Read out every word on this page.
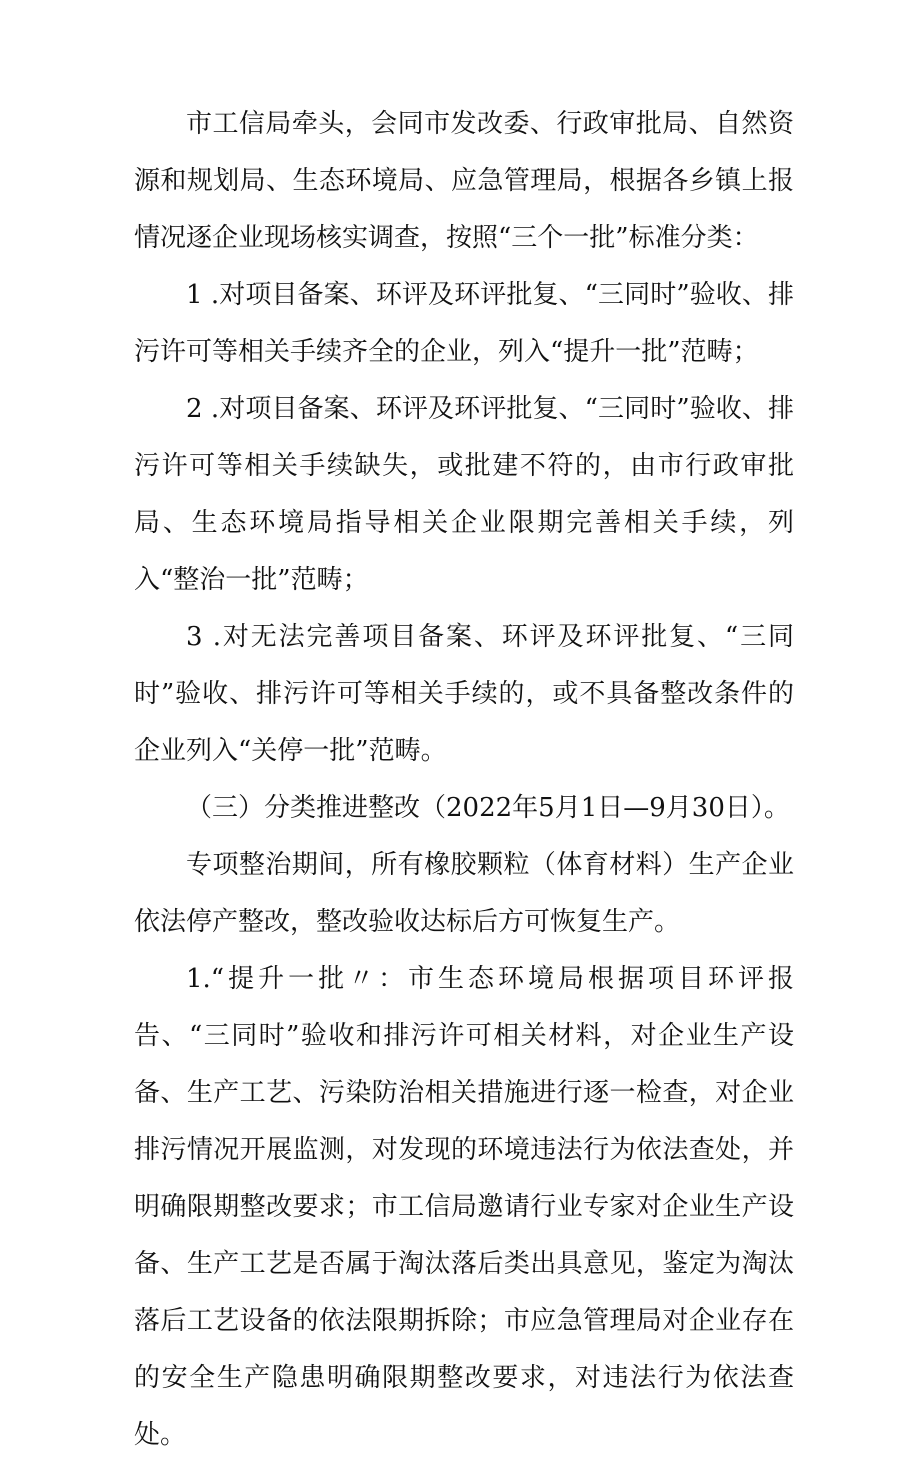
市工信局牵头，会同市发改委、行政审批局、自然资源和规划局、生态环境局、应急管理局，根据各乡镇上报情况逐企业现场核实调查，按照“三个一批”标准分类：

1 .对项目备案、环评及环评批复、“三同时”验收、排污许可等相关手续齐全的企业，列入“提升一批”范畴；

2 .对项目备案、环评及环评批复、“三同时”验收、排污许可等相关手续缺失，或批建不符的，由市行政审批局、生态环境局指导相关企业限期完善相关手续，列入“整治一批”范畴；

3 .对无法完善项目备案、环评及环评批复、“三同时”验收、排污许可等相关手续的，或不具备整改条件的企业列入“关停一批”范畴。

（三）分类推进整改（2022年5月1日—9月30日）。

专项整治期间，所有橡胶颗粒（体育材料）生产企业依法停产整改，整改验收达标后方可恢复生产。

1.“提升一批〃：市生态环境局根据项目环评报告、“三同时”验收和排污许可相关材料，对企业生产设备、生产工艺、污染防治相关措施进行逐一检查，对企业排污情况开展监测，对发现的环境违法行为依法查处，并明确限期整改要求；市工信局邀请行业专家对企业生产设备、生产工艺是否属于淘汰落后类出具意见，鉴定为淘汰落后工艺设备的依法限期拆除；市应急管理局对企业存在的安全生产隐患明确限期整改要求，对违法行为依法查处。
